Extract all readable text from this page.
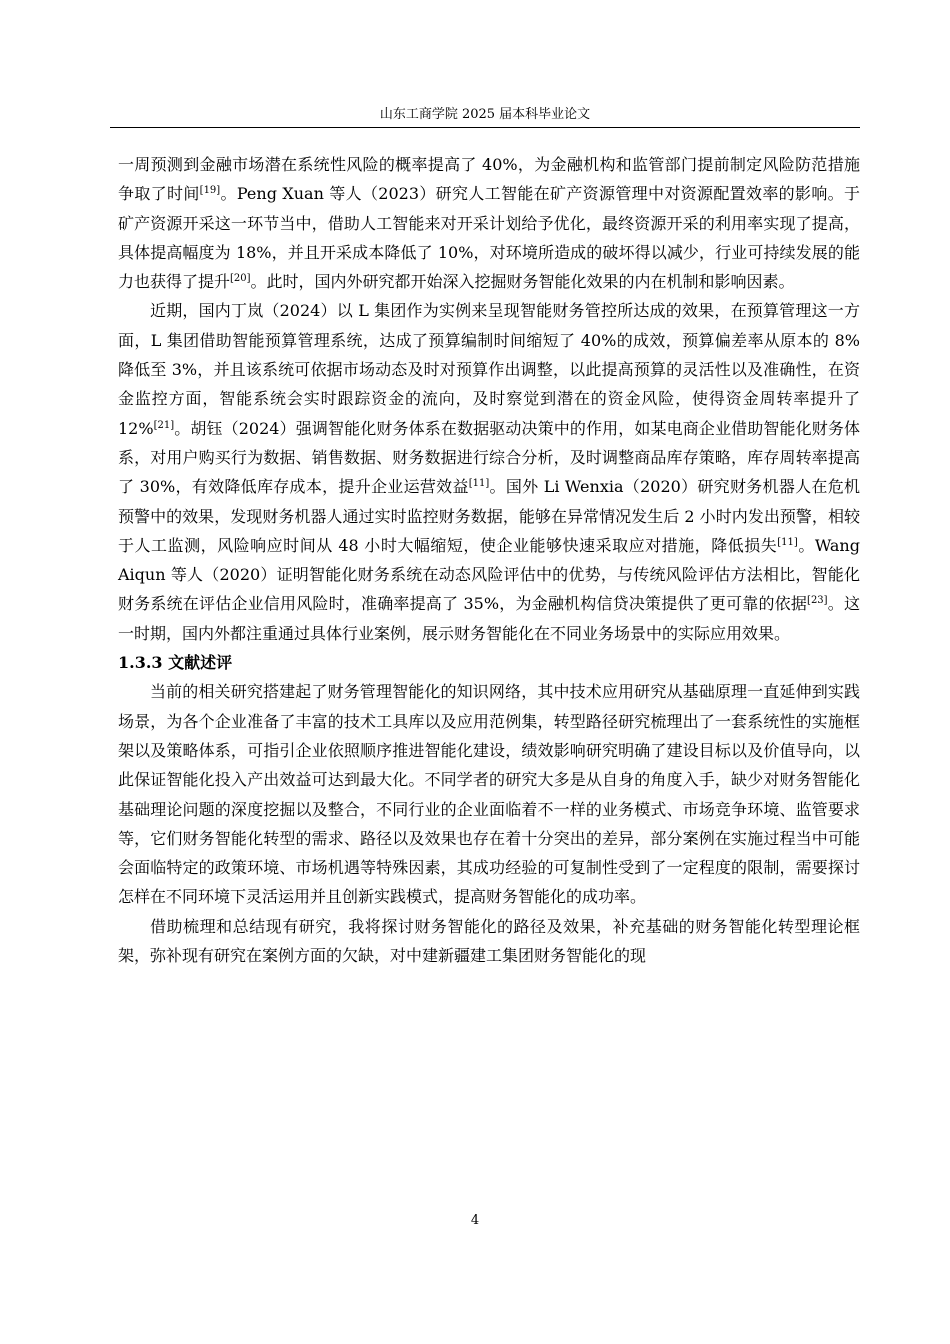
山东工商学院 2025 届本科毕业论文

一周预测到金融市场潜在系统性风险的概率提高了 40%，为金融机构和监管部门提前制定风险防范措施争取了时间[19]。Peng Xuan 等人（2023）研究人工智能在矿产资源管理中对资源配置效率的影响。于矿产资源开采这一环节当中，借助人工智能来对开采计划给予优化，最终资源开采的利用率实现了提高，具体提高幅度为 18%，并且开采成本降低了 10%，对环境所造成的破坏得以减少，行业可持续发展的能力也获得了提升[20]。此时，国内外研究都开始深入挖掘财务智能化效果的内在机制和影响因素。

近期，国内丁岚（2024）以 L 集团作为实例来呈现智能财务管控所达成的效果，在预算管理这一方面，L 集团借助智能预算管理系统，达成了预算编制时间缩短了 40%的成效，预算偏差率从原本的 8%降低至 3%，并且该系统可依据市场动态及时对预算作出调整，以此提高预算的灵活性以及准确性，在资金监控方面，智能系统会实时跟踪资金的流向，及时察觉到潜在的资金风险，使得资金周转率提升了 12%[21]。胡钰（2024）强调智能化财务体系在数据驱动决策中的作用，如某电商企业借助智能化财务体系，对用户购买行为数据、销售数据、财务数据进行综合分析，及时调整商品库存策略，库存周转率提高了 30%，有效降低库存成本，提升企业运营效益[11]。国外 Li Wenxia（2020）研究财务机器人在危机预警中的效果，发现财务机器人通过实时监控财务数据，能够在异常情况发生后 2 小时内发出预警，相较于人工监测，风险响应时间从 48 小时大幅缩短，使企业能够快速采取应对措施，降低损失[11]。Wang Aiqun 等人（2020）证明智能化财务系统在动态风险评估中的优势，与传统风险评估方法相比，智能化财务系统在评估企业信用风险时，准确率提高了 35%，为金融机构信贷决策提供了更可靠的依据[23]。这一时期，国内外都注重通过具体行业案例，展示财务智能化在不同业务场景中的实际应用效果。

1.3.3 文献述评

当前的相关研究搭建起了财务管理智能化的知识网络，其中技术应用研究从基础原理一直延伸到实践场景，为各个企业准备了丰富的技术工具库以及应用范例集，转型路径研究梳理出了一套系统性的实施框架以及策略体系，可指引企业依照顺序推进智能化建设，绩效影响研究明确了建设目标以及价值导向，以此保证智能化投入产出效益可达到最大化。不同学者的研究大多是从自身的角度入手，缺少对财务智能化基础理论问题的深度挖掘以及整合，不同行业的企业面临着不一样的业务模式、市场竞争环境、监管要求等，它们财务智能化转型的需求、路径以及效果也存在着十分突出的差异，部分案例在实施过程当中可能会面临特定的政策环境、市场机遇等特殊因素，其成功经验的可复制性受到了一定程度的限制，需要探讨怎样在不同环境下灵活运用并且创新实践模式，提高财务智能化的成功率。

借助梳理和总结现有研究，我将探讨财务智能化的路径及效果，补充基础的财务智能化转型理论框架，弥补现有研究在案例方面的欠缺，对中建新疆建工集团财务智能化的现

4
